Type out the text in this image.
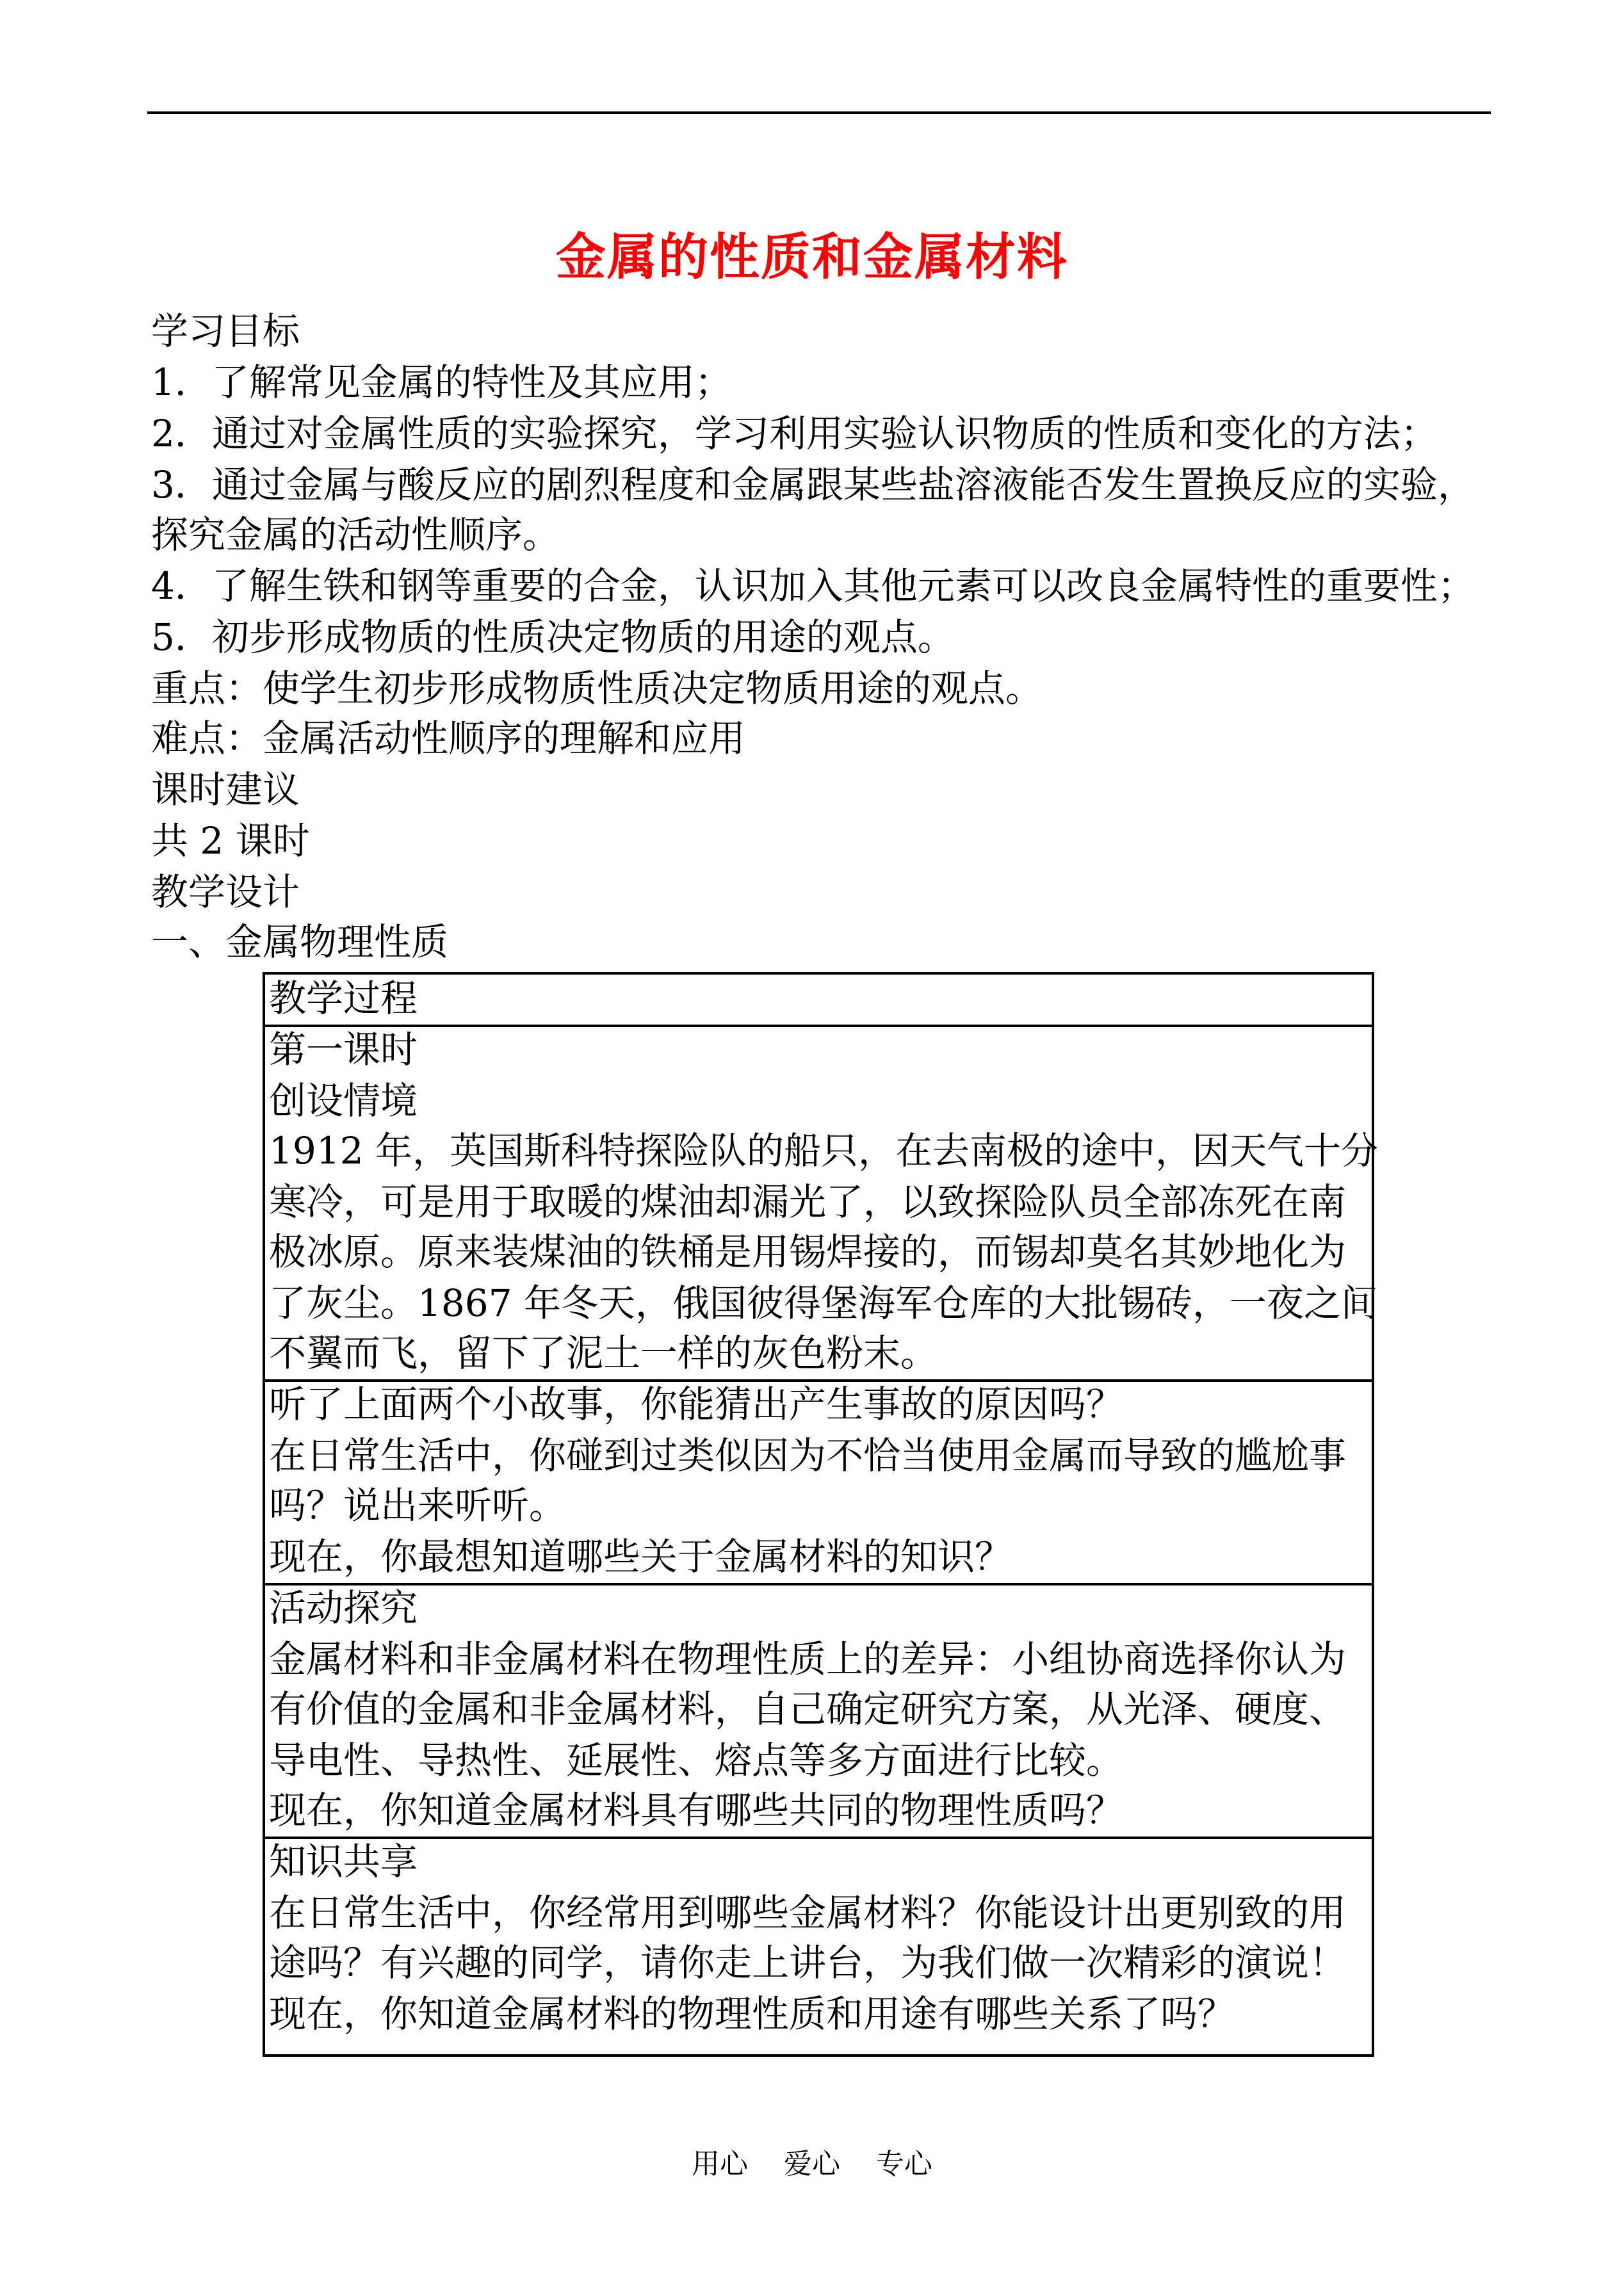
金属的性质和金属材料
学习目标
1．了解常见金属的特性及其应用；
2．通过对金属性质的实验探究，学习利用实验认识物质的性质和变化的方法；
3．通过金属与酸反应的剧烈程度和金属跟某些盐溶液能否发生置换反应的实验，
探究金属的活动性顺序。
4．了解生铁和钢等重要的合金，认识加入其他元素可以改良金属特性的重要性；
5．初步形成物质的性质决定物质的用途的观点。
重点：使学生初步形成物质性质决定物质用途的观点。
难点：金属活动性顺序的理解和应用
课时建议
共 2 课时
教学设计
一、金属物理性质
教学过程
第一课时
创设情境
1912 年，英国斯科特探险队的船只，在去南极的途中，因天气十分
寒冷，可是用于取暖的煤油却漏光了，以致探险队员全部冻死在南
极冰原。原来装煤油的铁桶是用锡焊接的，而锡却莫名其妙地化为
了灰尘。1867 年冬天，俄国彼得堡海军仓库的大批锡砖，一夜之间
不翼而飞，留下了泥土一样的灰色粉末。
听了上面两个小故事，你能猜出产生事故的原因吗？
在日常生活中，你碰到过类似因为不恰当使用金属而导致的尴尬事
吗？说出来听听。
现在，你最想知道哪些关于金属材料的知识？
活动探究
金属材料和非金属材料在物理性质上的差异：小组协商选择你认为
有价值的金属和非金属材料，自己确定研究方案，从光泽、硬度、
导电性、导热性、延展性、熔点等多方面进行比较。
现在，你知道金属材料具有哪些共同的物理性质吗？
知识共享
在日常生活中，你经常用到哪些金属材料？你能设计出更别致的用
途吗？有兴趣的同学，请你走上讲台，为我们做一次精彩的演说！
现在，你知道金属材料的物理性质和用途有哪些关系了吗？
用心    爱心    专心
